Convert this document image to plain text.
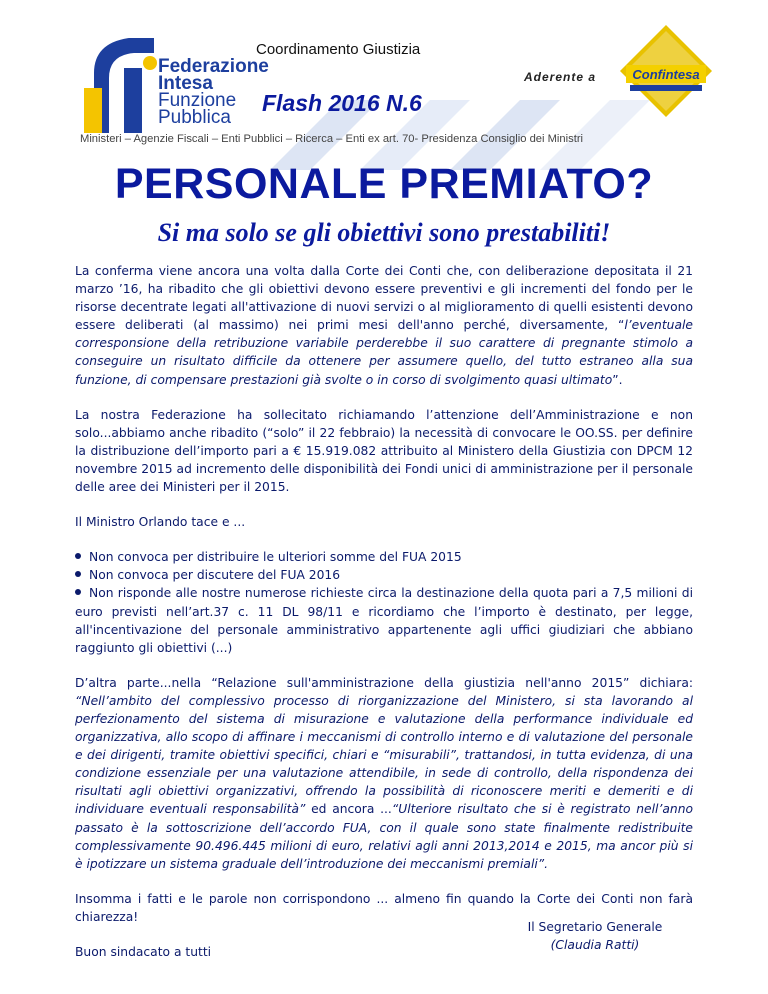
Coordinamento Giustizia
Federazione
Intesa
Funzione
Pubblica
Flash 2016 N.6
Aderente a	Confintesa
Ministeri – Agenzie Fiscali – Enti Pubblici – Ricerca – Enti ex art. 70- Presidenza Consiglio dei Ministri
PERSONALE PREMIATO?
Si ma solo se gli obiettivi sono prestabiliti!

La conferma viene ancora una volta dalla Corte dei Conti che, con deliberazione depositata il 21 marzo ’16, ha ribadito che gli obiettivi devono essere preventivi e gli incrementi del fondo per le risorse decentrate legati all'attivazione di nuovi servizi o al miglioramento di quelli esistenti devono essere deliberati (al massimo) nei primi mesi dell'anno perché, diversamente, “l’eventuale corresponsione della retribuzione variabile perderebbe il suo carattere di pregnante stimolo a conseguire un risultato difficile da ottenere per assumere quello, del tutto estraneo alla sua funzione, di compensare prestazioni già svolte o in corso di svolgimento quasi ultimato”.

La nostra Federazione ha sollecitato richiamando l’attenzione dell’Amministrazione e non solo...abbiamo anche ribadito (“solo” il 22 febbraio) la necessità di convocare le OO.SS. per definire la distribuzione dell’importo pari a € 15.919.082 attribuito al Ministero della Giustizia con DPCM 12 novembre 2015 ad incremento delle disponibilità dei Fondi unici di amministrazione per il personale delle aree dei Ministeri per il 2015.

Il Ministro Orlando tace e ...

Non convoca per distribuire le ulteriori somme del FUA 2015
Non convoca per discutere del FUA 2016
Non risponde alle nostre numerose richieste circa la destinazione della quota pari a 7,5 milioni di euro previsti nell’art.37 c. 11 DL 98/11 e ricordiamo che l’importo è destinato, per legge, all'incentivazione del personale amministrativo appartenente agli uffici giudiziari che abbiano raggiunto gli obiettivi (...)

D’altra parte...nella “Relazione sull'amministrazione della giustizia nell'anno 2015” dichiara: “Nell’ambito del complessivo processo di riorganizzazione del Ministero, si sta lavorando al perfezionamento del sistema di misurazione e valutazione della performance individuale ed organizzativa, allo scopo di affinare i meccanismi di controllo interno e di valutazione del personale e dei dirigenti, tramite obiettivi specifici, chiari e “misurabili”, trattandosi, in tutta evidenza, di una condizione essenziale per una valutazione attendibile, in sede di controllo, della rispondenza dei risultati agli obiettivi organizzativi, offrendo la possibilità di riconoscere meriti e demeriti e di individuare eventuali responsabilità” ed ancora ...“Ulteriore risultato che si è registrato nell’anno passato è la sottoscrizione dell’accordo FUA, con il quale sono state finalmente redistribuite complessivamente 90.496.445 milioni di euro, relativi agli anni 2013,2014 e 2015, ma ancor più si è ipotizzare un sistema graduale dell’introduzione dei meccanismi premiali”.

Insomma i fatti e le parole non corrispondono ... almeno fin quando la Corte dei Conti non farà chiarezza!

Buon sindacato a tutti

Il Segretario Generale
(Claudia Ratti)
